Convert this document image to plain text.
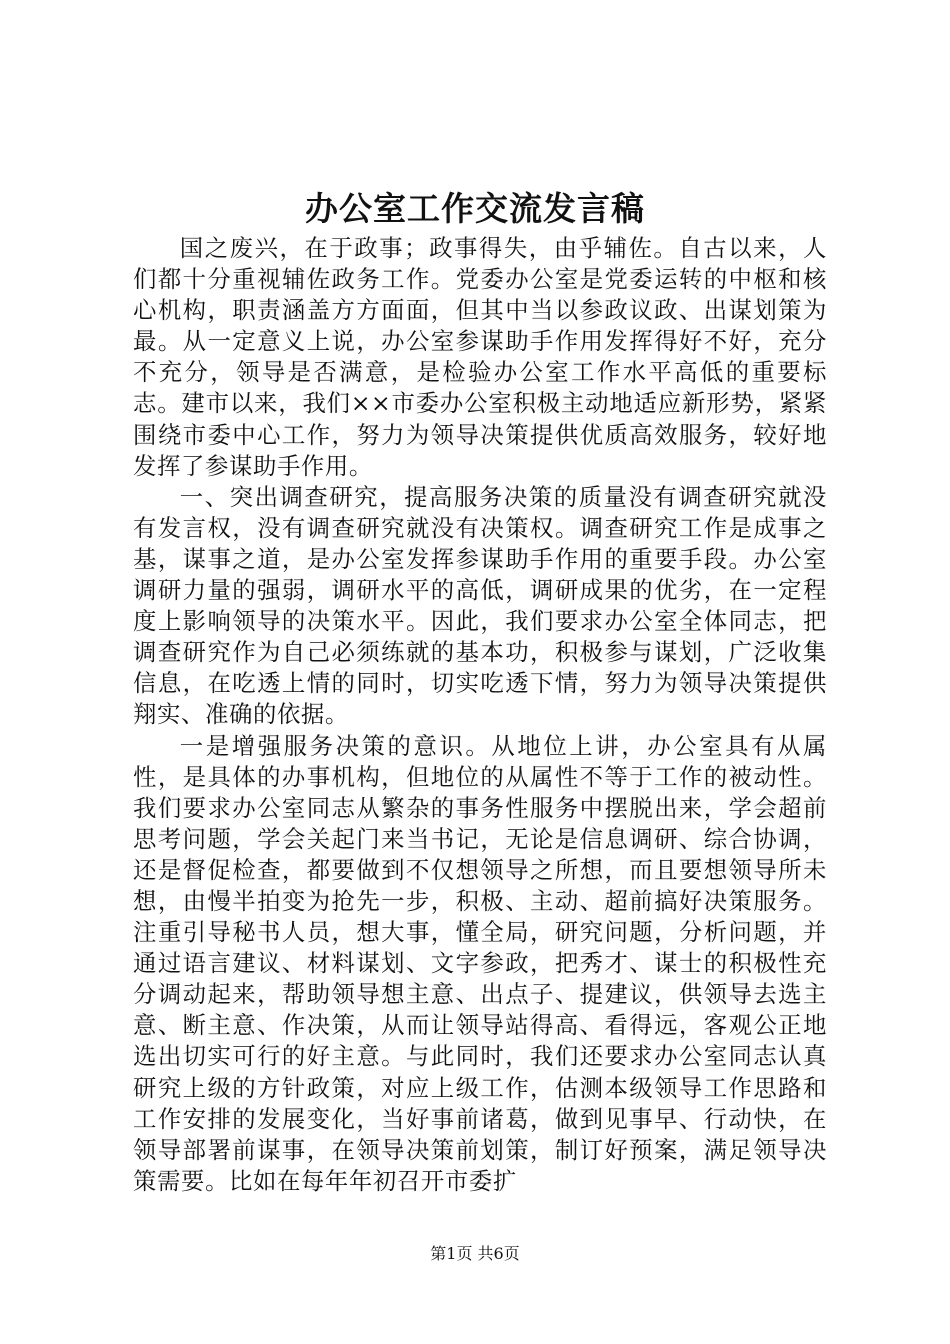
办公室工作交流发言稿

国之废兴，在于政事；政事得失，由乎辅佐。自古以来，人们都十分重视辅佐政务工作。党委办公室是党委运转的中枢和核心机构，职责涵盖方方面面，但其中当以参政议政、出谋划策为最。从一定意义上说，办公室参谋助手作用发挥得好不好，充分不充分，领导是否满意，是检验办公室工作水平高低的重要标志。建市以来，我们××市委办公室积极主动地适应新形势，紧紧围绕市委中心工作，努力为领导决策提供优质高效服务，较好地发挥了参谋助手作用。

一、突出调查研究，提高服务决策的质量没有调查研究就没有发言权，没有调查研究就没有决策权。调查研究工作是成事之基，谋事之道，是办公室发挥参谋助手作用的重要手段。办公室调研力量的强弱，调研水平的高低，调研成果的优劣，在一定程度上影响领导的决策水平。因此，我们要求办公室全体同志，把调查研究作为自己必须练就的基本功，积极参与谋划，广泛收集信息，在吃透上情的同时，切实吃透下情，努力为领导决策提供翔实、准确的依据。

一是增强服务决策的意识。从地位上讲，办公室具有从属性，是具体的办事机构，但地位的从属性不等于工作的被动性。我们要求办公室同志从繁杂的事务性服务中摆脱出来，学会超前思考问题，学会关起门来当书记，无论是信息调研、综合协调，还是督促检查，都要做到不仅想领导之所想，而且要想领导所未想，由慢半拍变为抢先一步，积极、主动、超前搞好决策服务。注重引导秘书人员，想大事，懂全局，研究问题，分析问题，并通过语言建议、材料谋划、文字参政，把秀才、谋士的积极性充分调动起来，帮助领导想主意、出点子、提建议，供领导去选主意、断主意、作决策，从而让领导站得高、看得远，客观公正地选出切实可行的好主意。与此同时，我们还要求办公室同志认真研究上级的方针政策，对应上级工作，估测本级领导工作思路和工作安排的发展变化，当好事前诸葛，做到见事早、行动快，在领导部署前谋事，在领导决策前划策，制订好预案，满足领导决策需要。比如在每年年初召开市委扩

第1页 共6页
